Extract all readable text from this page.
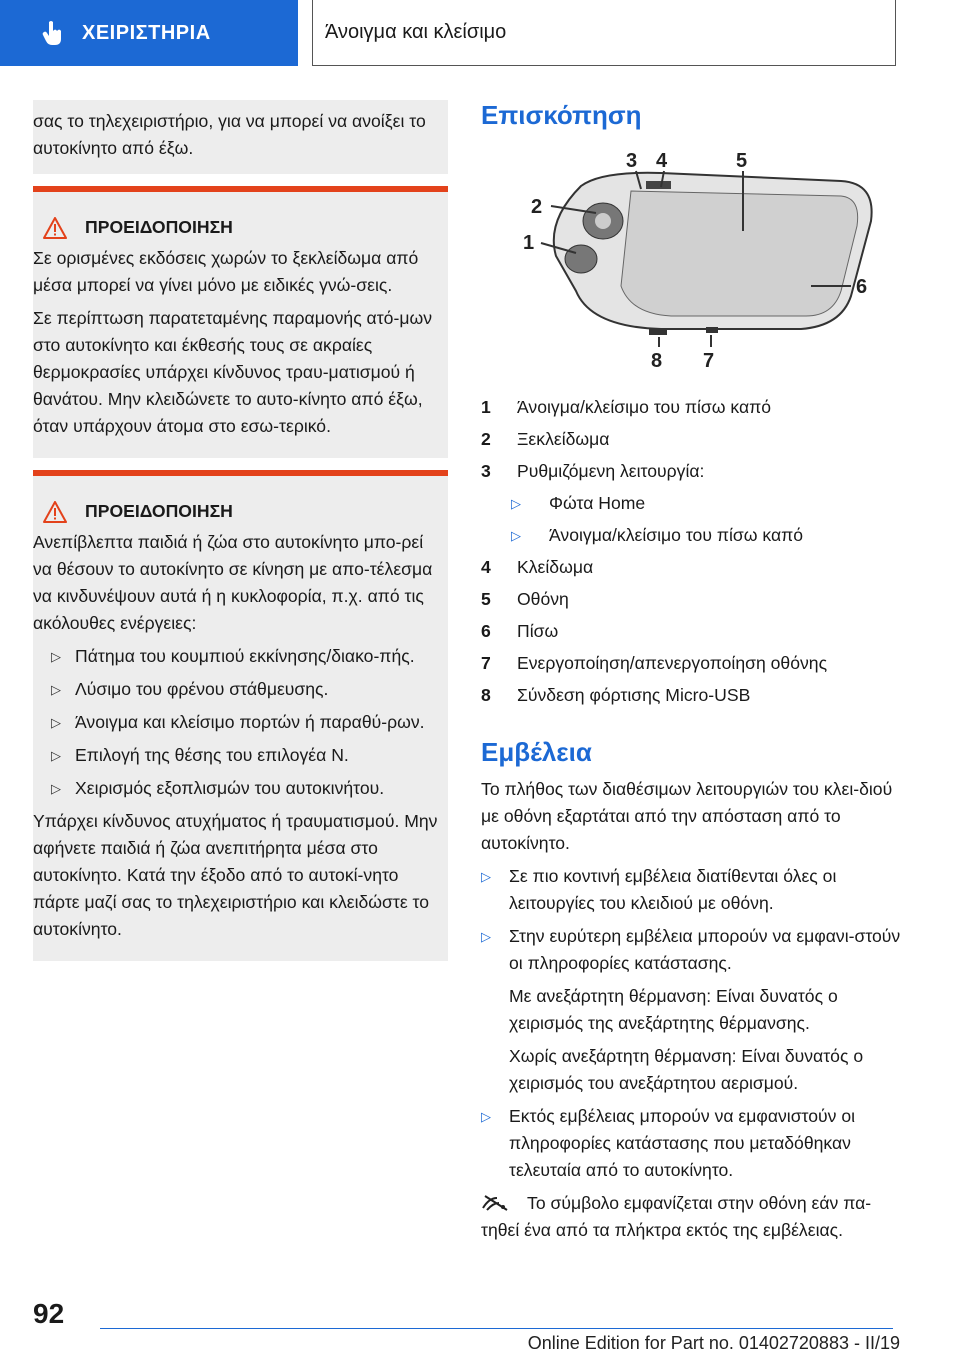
ΧΕΙΡΙΣΤΗΡΙΑ	Άνοιγμα και κλείσιμο

σας το τηλεχειριστήριο, για να μπορεί να ανοίξει το αυτοκίνητο από έξω.

ΠΡΟΕΙΔΟΠΟΙΗΣΗ

Σε ορισμένες εκδόσεις χωρών το ξεκλείδωμα από μέσα μπορεί να γίνει μόνο με ειδικές γνώ-σεις.

Σε περίπτωση παρατεταμένης παραμονής ατό-μων στο αυτοκίνητο και έκθεσής τους σε ακραίες θερμοκρασίες υπάρχει κίνδυνος τραυ-ματισμού ή θανάτου. Μην κλειδώνετε το αυτο-κίνητο από έξω, όταν υπάρχουν άτομα στο εσω-τερικό.

ΠΡΟΕΙΔΟΠΟΙΗΣΗ

Ανεπίβλεπτα παιδιά ή ζώα στο αυτοκίνητο μπο-ρεί να θέσουν το αυτοκίνητο σε κίνηση με απο-τέλεσμα να κινδυνέψουν αυτά ή η κυκλοφορία, π.χ. από τις ακόλουθες ενέργειες:

▷ Πάτημα του κουμπιού εκκίνησης/διακο-πής.
▷ Λύσιμο του φρένου στάθμευσης.
▷ Άνοιγμα και κλείσιμο πορτών ή παραθύ-ρων.
▷ Επιλογή της θέσης του επιλογέα N.
▷ Χειρισμός εξοπλισμών του αυτοκινήτου.

Υπάρχει κίνδυνος ατυχήματος ή τραυματισμού. Μην αφήνετε παιδιά ή ζώα ανεπιτήρητα μέσα στο αυτοκίνητο. Κατά την έξοδο από το αυτοκί-νητο πάρτε μαζί σας το τηλεχειριστήριο και κλειδώστε το αυτοκίνητο.

Επισκόπηση
3 4	5
2
1
6
8 7
1 Άνοιγμα/κλείσιμο του πίσω καπό
2 Ξεκλείδωμα
3 Ρυθμιζόμενη λειτουργία:
▷ Φώτα Home
▷ Άνοιγμα/κλείσιμο του πίσω καπό
4 Κλείδωμα
5 Οθόνη
6 Πίσω
7 Ενεργοποίηση/απενεργοποίηση οθόνης
8 Σύνδεση φόρτισης Micro-USB
Εμβέλεια

Το πλήθος των διαθέσιμων λειτουργιών του κλει-διού με οθόνη εξαρτάται από την απόσταση από το αυτοκίνητο.

▷ Σε πιο κοντινή εμβέλεια διατίθενται όλες οι λειτουργίες του κλειδιού με οθόνη.
▷ Στην ευρύτερη εμβέλεια μπορούν να εμφανι-στούν οι πληροφορίες κατάστασης.

Με ανεξάρτητη θέρμανση: Είναι δυνατός ο χειρισμός της ανεξάρτητης θέρμανσης.

Χωρίς ανεξάρτητη θέρμανση: Είναι δυνατός ο χειρισμός του ανεξάρτητου αερισμού.

▷ Εκτός εμβέλειας μπορούν να εμφανιστούν οι πληροφορίες κατάστασης που μεταδόθηκαν τελευταία από το αυτοκίνητο.

Το σύμβολο εμφανίζεται στην οθόνη εάν πα-τηθεί ένα από τα πλήκτρα εκτός της εμβέλειας.

92
Online Edition for Part no. 01402720883 - II/19
